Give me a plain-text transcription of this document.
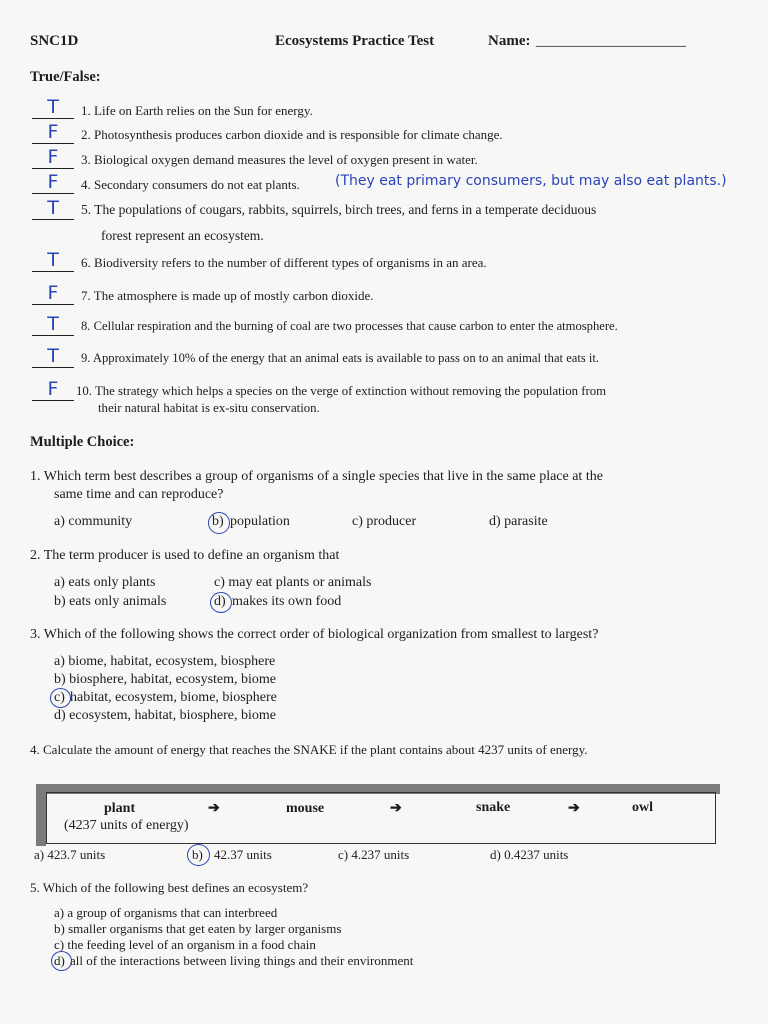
SNC1D	Ecosystems Practice Test	Name: ____________________
True/False:
T	1. Life on Earth relies on the Sun for energy.
F	2. Photosynthesis produces carbon dioxide and is responsible for climate change.
F	3. Biological oxygen demand measures the level of oxygen present in water.
F	4. Secondary consumers do not eat plants.	(They eat primary consumers, but may also eat plants.)
T	5. The populations of cougars, rabbits, squirrels, birch trees, and ferns in a temperate deciduous
forest represent an ecosystem.
T	6. Biodiversity refers to the number of different types of organisms in an area.
F	7. The atmosphere is made up of mostly carbon dioxide.
T	8. Cellular respiration and the burning of coal are two processes that cause carbon to enter the atmosphere.
T	9. Approximately 10% of the energy that an animal eats is available to pass on to an animal that eats it.
F	10. The strategy which helps a species on the verge of extinction without removing the population from
their natural habitat is ex-situ conservation.
Multiple Choice:
1. Which term best describes a group of organisms of a single species that live in the same place at the
same time and can reproduce?
a) community	b) population	c) producer	d) parasite
2. The term producer is used to define an organism that
a) eats only plants
b) eats only animals
c) may eat plants or animals
d) makes its own food
3. Which of the following shows the correct order of biological organization from smallest to largest?
a) biome, habitat, ecosystem, biosphere
b) biosphere, habitat, ecosystem, biome
c) habitat, ecosystem, biome, biosphere
d) ecosystem, habitat, biosphere, biome
4. Calculate the amount of energy that reaches the SNAKE if the plant contains about 4237 units of energy.
plant
(4237 units of energy)
➔	mouse	➔	snake	➔	owl
a) 423.7 units	b) 42.37 units	c) 4.237 units	d) 0.4237 units
5. Which of the following best defines an ecosystem?
a) a group of organisms that can interbreed
b) smaller organisms that get eaten by larger organisms
c) the feeding level of an organism in a food chain
d) all of the interactions between living things and their environment
